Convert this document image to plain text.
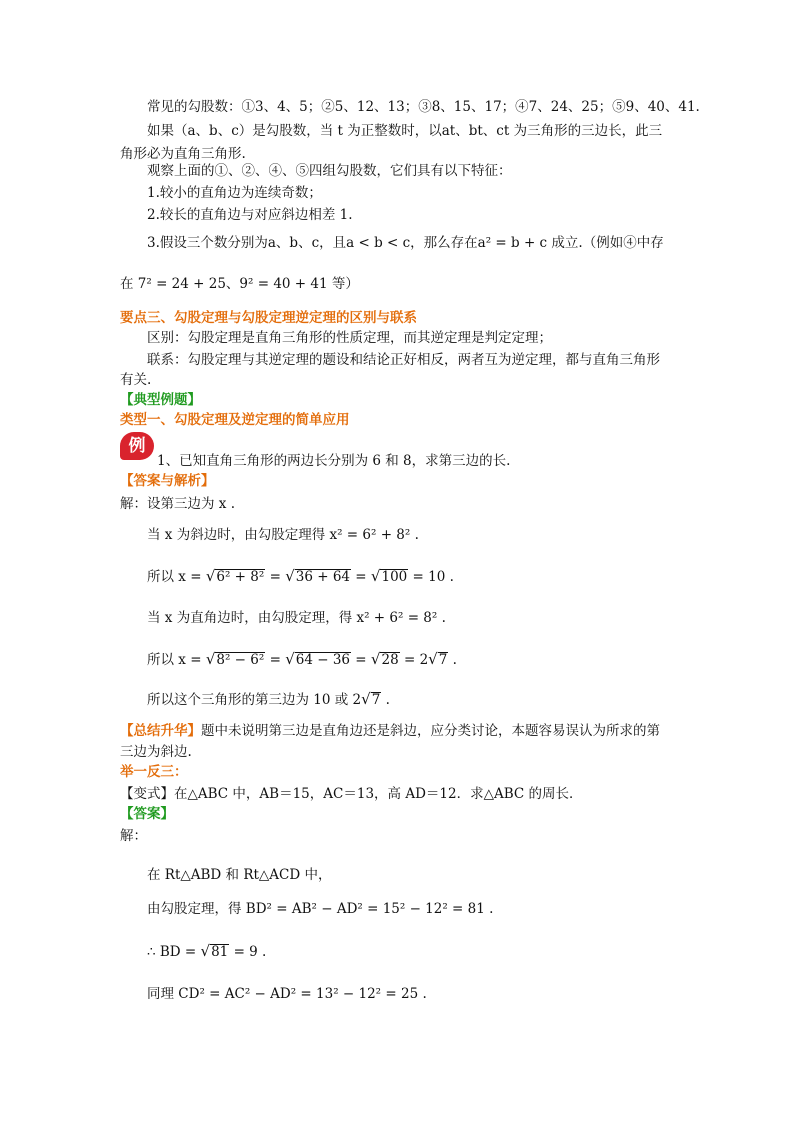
常见的勾股数：①3、4、5；②5、12、13；③8、15、17；④7、24、25；⑤9、40、41.
如果（a、b、c）是勾股数，当 t 为正整数时，以at、bt、ct 为三角形的三边长，此三
角形必为直角三角形.
观察上面的①、②、④、⑤四组勾股数，它们具有以下特征：
1.较小的直角边为连续奇数；
2.较长的直角边与对应斜边相差 1.
3.假设三个数分别为a、b、c，且a < b < c，那么存在a² = b + c 成立.（例如④中存
在 7² = 24 + 25、9² = 40 + 41 等）
要点三、勾股定理与勾股定理逆定理的区别与联系
区别：勾股定理是直角三角形的性质定理，而其逆定理是判定定理；
联系：勾股定理与其逆定理的题设和结论正好相反，两者互为逆定理，都与直角三角形
有关.
【典型例题】
类型一、勾股定理及逆定理的简单应用
例
1、已知直角三角形的两边长分别为 6 和 8，求第三边的长.
【答案与解析】
解：设第三边为 x .
当 x 为斜边时，由勾股定理得 x² = 6² + 8² .
所以 x = √6² + 8² = √36 + 64 = √100 = 10 .
当 x 为直角边时，由勾股定理，得 x² + 6² = 8² .
所以 x = √8² − 6² = √64 − 36 = √28 = 2√7 .
所以这个三角形的第三边为 10 或 2√7 .
【总结升华】题中未说明第三边是直角边还是斜边，应分类讨论，本题容易误认为所求的第
三边为斜边.
举一反三：
【变式】在△ABC 中，AB＝15，AC＝13，高 AD＝12．求△ABC 的周长．
【答案】
解：
在 Rt△ABD 和 Rt△ACD 中，
由勾股定理，得 BD² = AB² − AD² = 15² − 12² = 81 .
∴ BD = √81 = 9 .
同理 CD² = AC² − AD² = 13² − 12² = 25 .
